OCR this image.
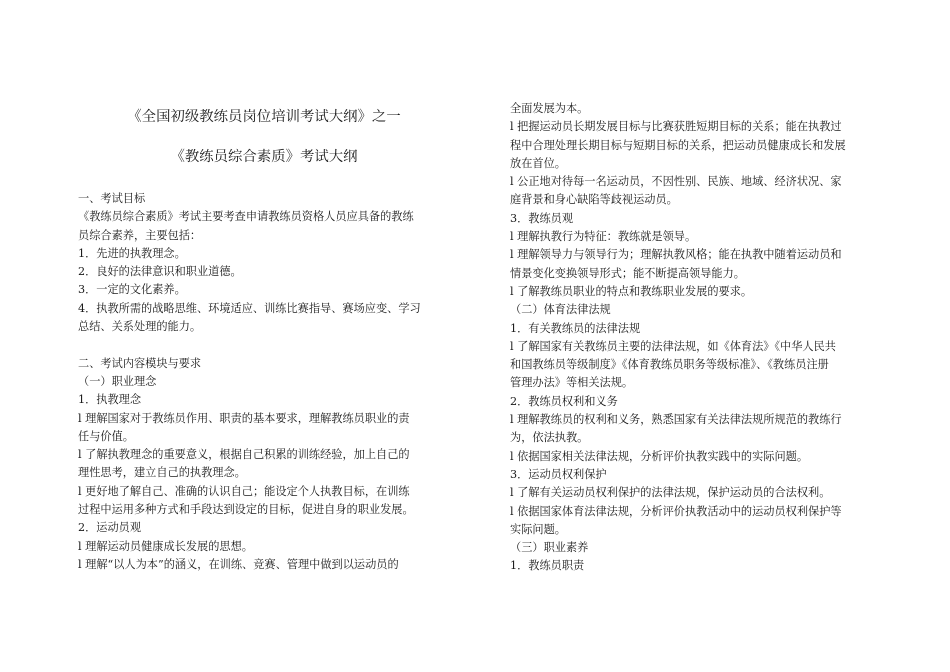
《全国初级教练员岗位培训考试大纲》之一
《教练员综合素质》考试大纲
一、考试目标
《教练员综合素质》考试主要考查申请教练员资格人员应具备的教练
员综合素养，主要包括：
1．先进的执教理念。
2．良好的法律意识和职业道德。
3．一定的文化素养。
4．执教所需的战略思维、环境适应、训练比赛指导、赛场应变、学习
总结、关系处理的能力。
二、考试内容模块与要求
（一）职业理念
1．执教理念
l 理解国家对于教练员作用、职责的基本要求，理解教练员职业的责
任与价值。
l 了解执教理念的重要意义，根据自己积累的训练经验，加上自己的
理性思考，建立自己的执教理念。
l 更好地了解自己、准确的认识自己；能设定个人执教目标，在训练
过程中运用多种方式和手段达到设定的目标，促进自身的职业发展。
2．运动员观
l 理解运动员健康成长发展的思想。
l 理解“以人为本”的涵义，在训练、竞赛、管理中做到以运动员的
全面发展为本。
l 把握运动员长期发展目标与比赛获胜短期目标的关系；能在执教过
程中合理处理长期目标与短期目标的关系，把运动员健康成长和发展
放在首位。
l 公正地对待每一名运动员，不因性别、民族、地域、经济状况、家
庭背景和身心缺陷等歧视运动员。
3．教练员观
l 理解执教行为特征：教练就是领导。
l 理解领导力与领导行为；理解执教风格；能在执教中随着运动员和
情景变化变换领导形式；能不断提高领导能力。
l 了解教练员职业的特点和教练职业发展的要求。
（二）体育法律法规
1．有关教练员的法律法规
l 了解国家有关教练员主要的法律法规，如《体育法》《中华人民共
和国教练员等级制度》《体育教练员职务等级标准》、《教练员注册
管理办法》等相关法规。
2．教练员权利和义务
l 理解教练员的权利和义务，熟悉国家有关法律法规所规范的教练行
为，依法执教。
l 依据国家相关法律法规，分析评价执教实践中的实际问题。
3．运动员权利保护
l 了解有关运动员权利保护的法律法规，保护运动员的合法权利。
l 依据国家体育法律法规，分析评价执教活动中的运动员权利保护等
实际问题。
（三）职业素养
1．教练员职责
